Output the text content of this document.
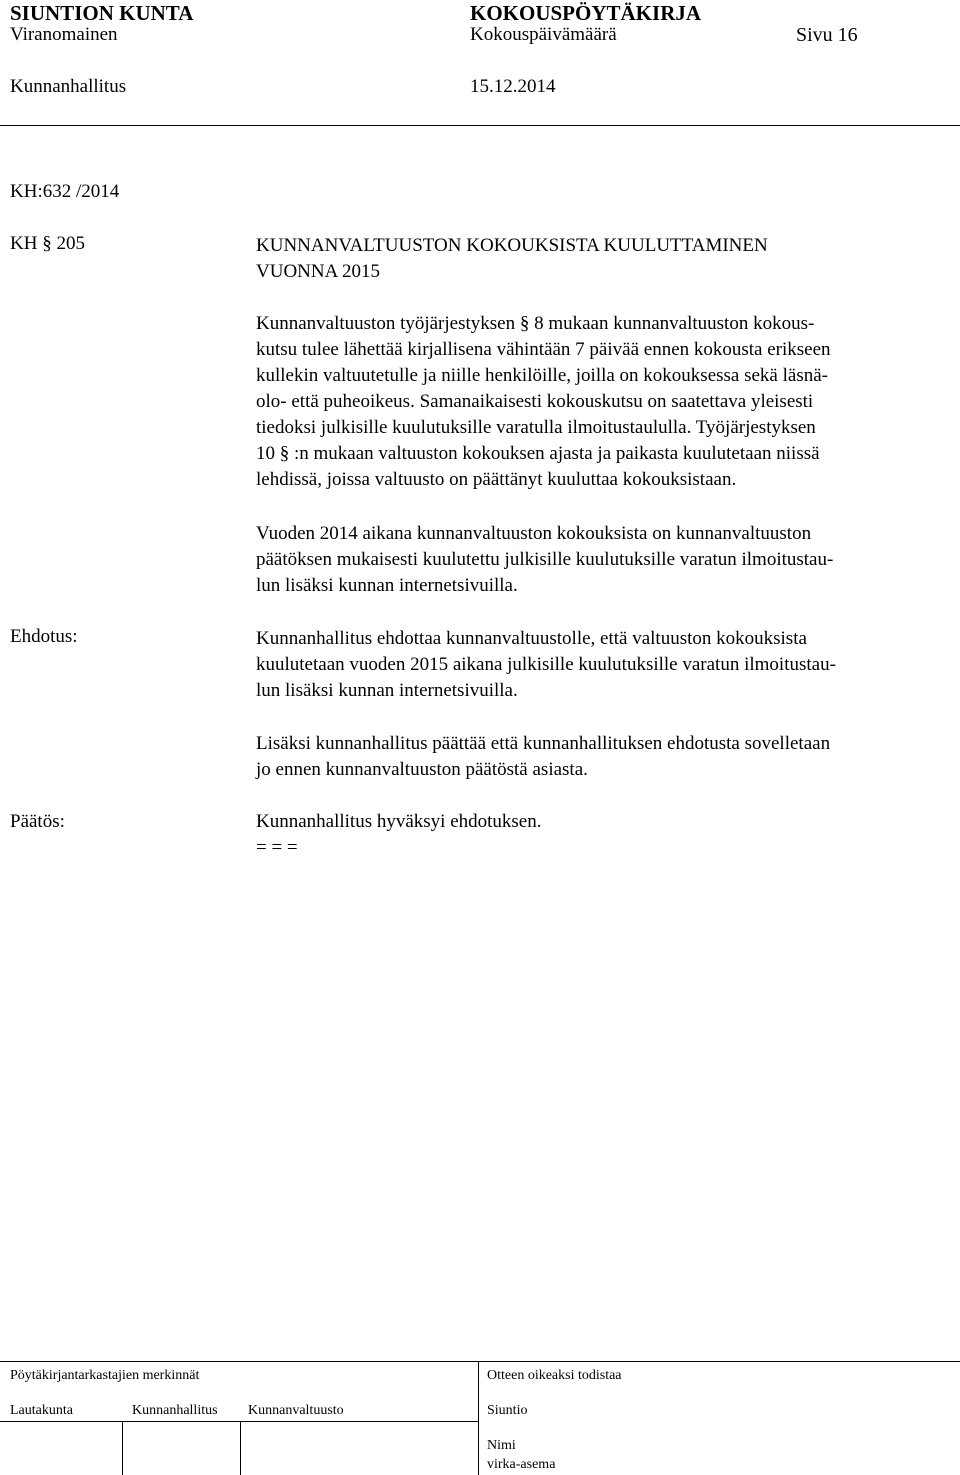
SIUNTION KUNTA	KOKOUSPÖYTÄKIRJA
Viranomainen	Kokouspäivämäärä	Sivu 16
Kunnanhallitus	15.12.2014
KH:632 /2014
KH § 205	KUNNANVALTUUSTON KOKOUKSISTA KUULUTTAMINEN
VUONNA 2015
Kunnanvaltuuston työjärjestyksen § 8 mukaan kunnanvaltuuston kokous-
kutsu tulee lähettää kirjallisena vähintään 7 päivää ennen kokousta erikseen
kullekin valtuutetulle ja niille henkilöille, joilla on kokouksessa sekä läsnä-
olo- että puheoikeus. Samanaikaisesti kokouskutsu on saatettava yleisesti
tiedoksi julkisille kuulutuksille varatulla ilmoitustaululla. Työjärjestyksen
10 § :n mukaan valtuuston kokouksen ajasta ja paikasta kuulutetaan niissä
lehdissä, joissa valtuusto on päättänyt kuuluttaa kokouksistaan.
Vuoden 2014 aikana kunnanvaltuuston kokouksista on kunnanvaltuuston
päätöksen mukaisesti kuulutettu julkisille kuulutuksille varatun ilmoitustau-
lun lisäksi kunnan internetsivuilla.
Ehdotus:	Kunnanhallitus ehdottaa kunnanvaltuustolle, että valtuuston kokouksista
kuulutetaan vuoden 2015 aikana julkisille kuulutuksille varatun ilmoitustau-
lun lisäksi kunnan internetsivuilla.
Lisäksi kunnanhallitus päättää että kunnanhallituksen ehdotusta sovelletaan
jo ennen kunnanvaltuuston päätöstä asiasta.
Päätös:	Kunnanhallitus hyväksyi ehdotuksen.
= = =
Pöytäkirjantarkastajien merkinnät	Otteen oikeaksi todistaa
Lautakunta	Kunnanhallitus Kunnanvaltuusto	Siuntio
Nimi
virka-asema
